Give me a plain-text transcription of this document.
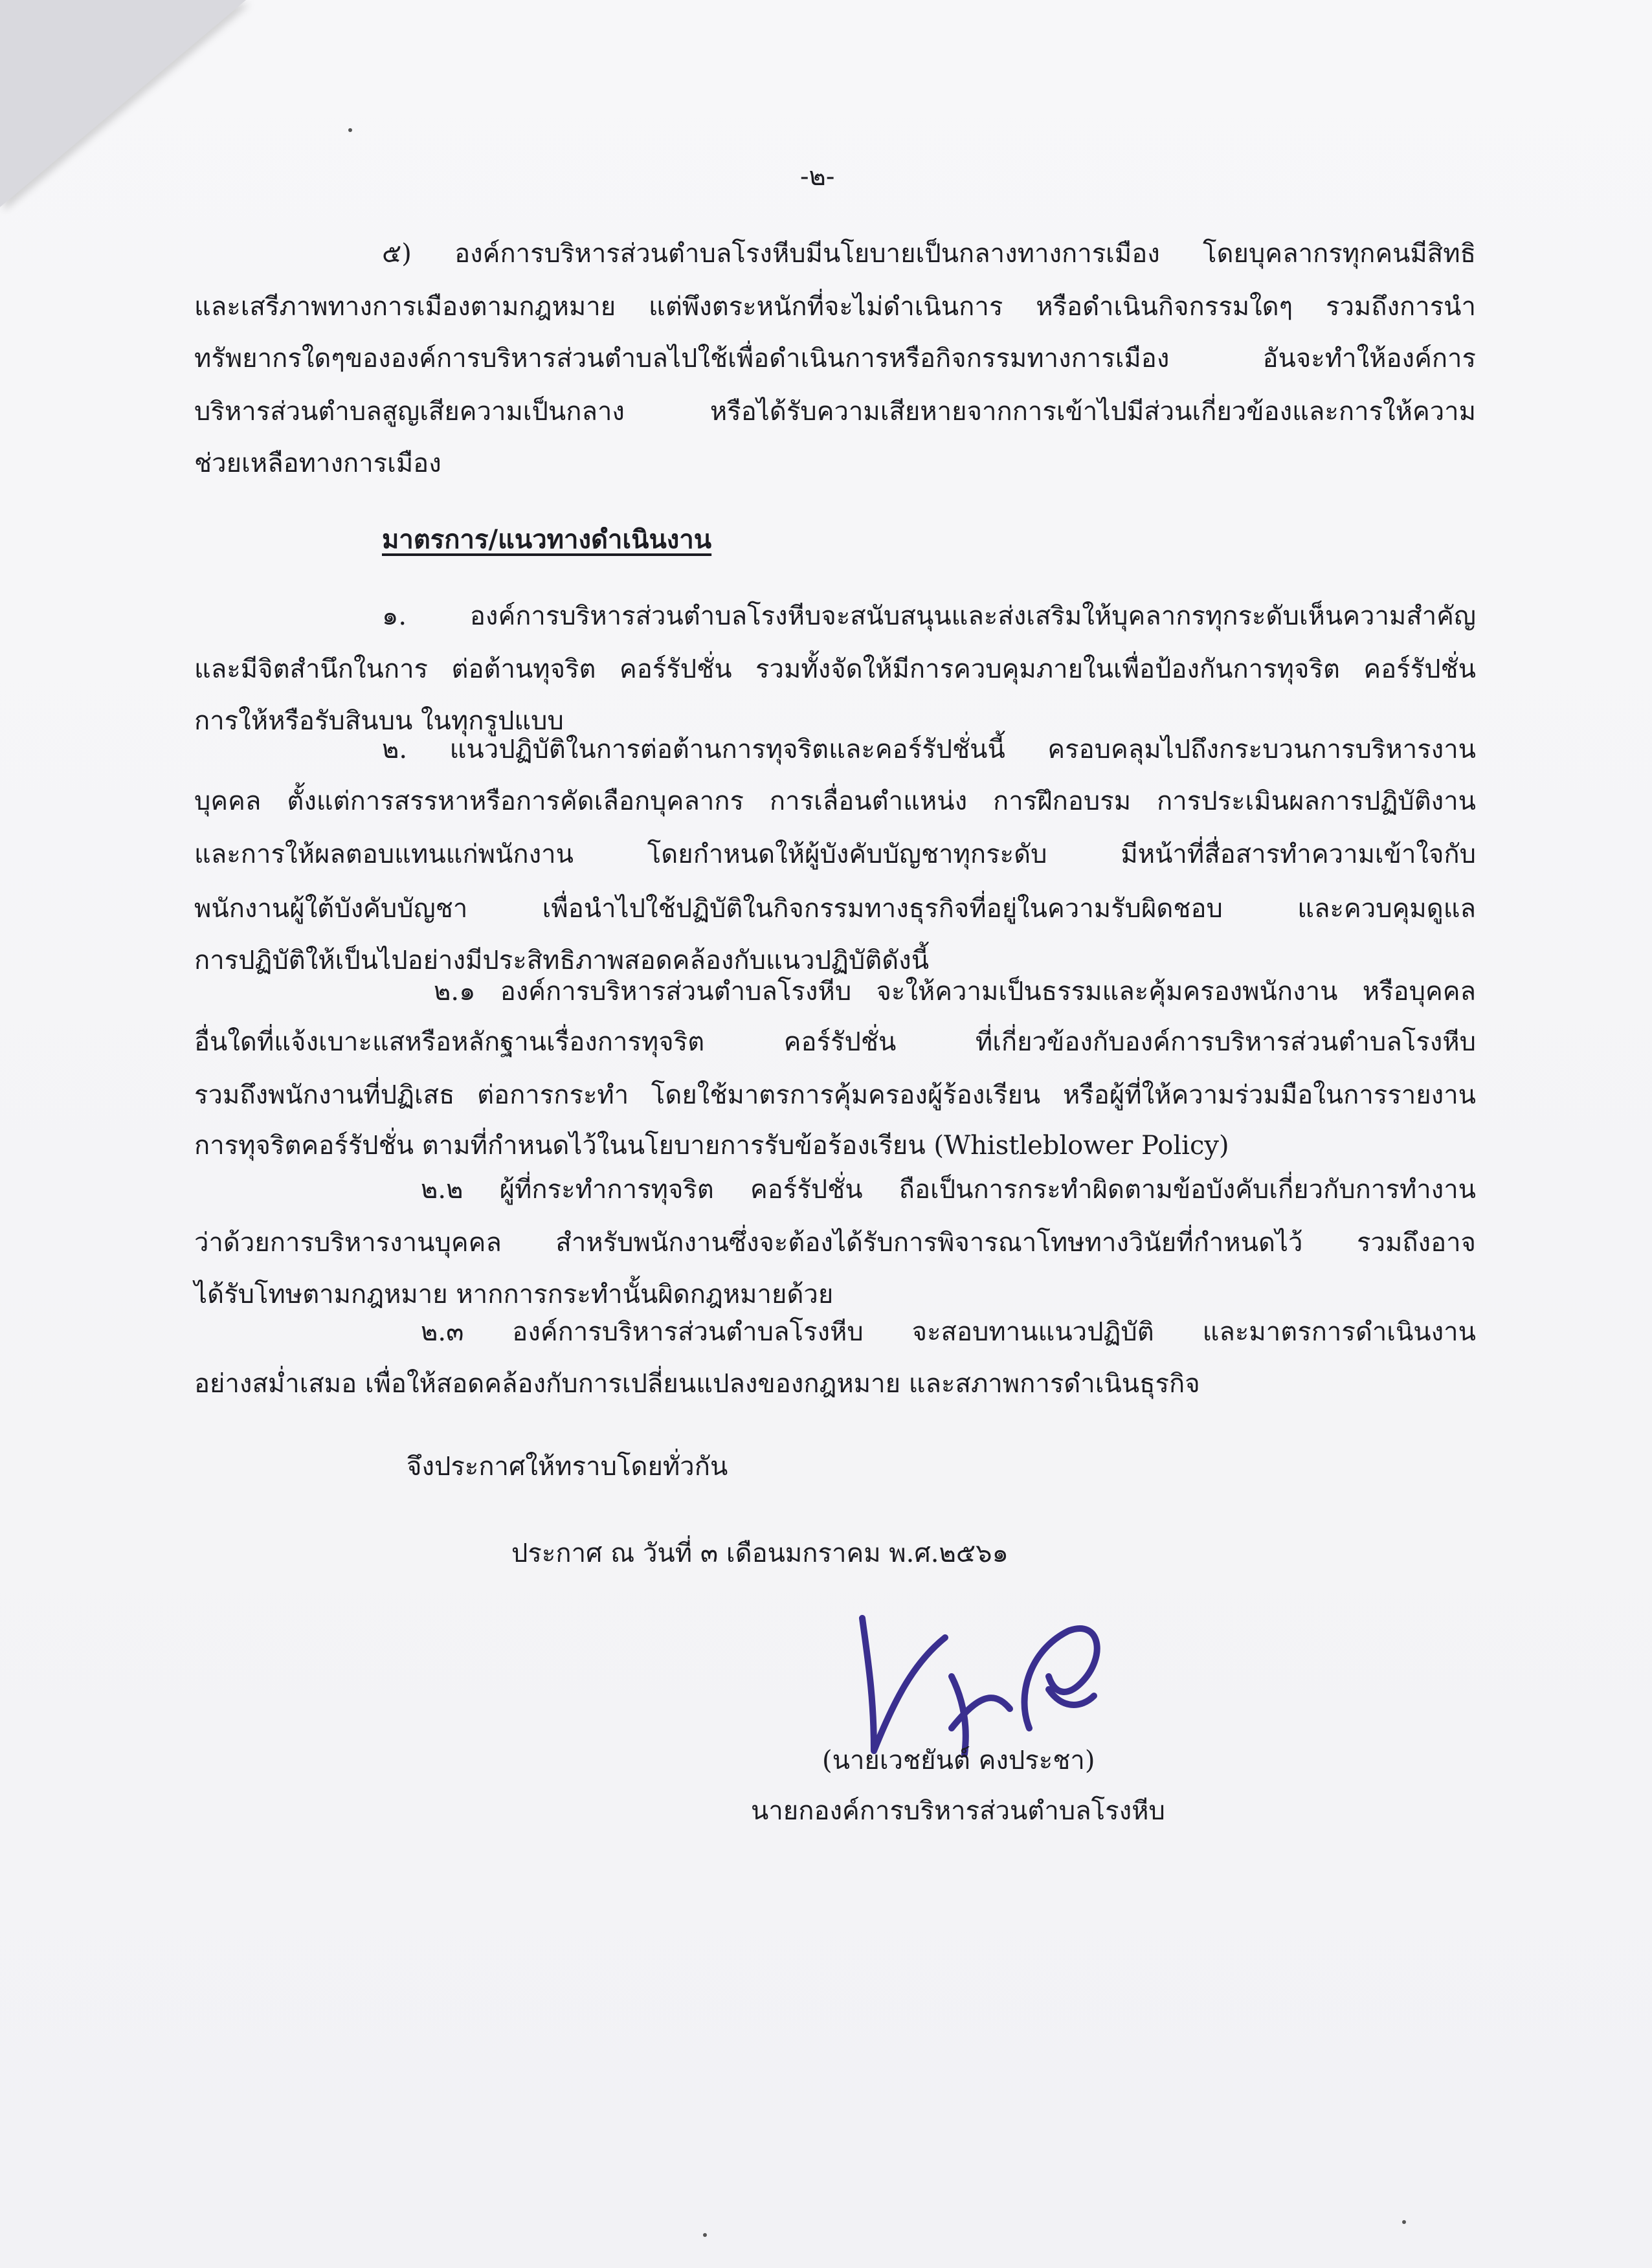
-๒-
๕) องค์การบริหารส่วนตำบลโรงหีบมีนโยบายเป็นกลางทางการเมือง โดยบุคลากรทุกคนมีสิทธิ
และเสรีภาพทางการเมืองตามกฎหมาย แต่พึงตระหนักที่จะไม่ดำเนินการ หรือดำเนินกิจกรรมใดๆ รวมถึงการนำ
ทรัพยากรใดๆขององค์การบริหารส่วนตำบลไปใช้เพื่อดำเนินการหรือกิจกรรมทางการเมือง อันจะทำให้องค์การ
บริหารส่วนตำบลสูญเสียความเป็นกลาง หรือได้รับความเสียหายจากการเข้าไปมีส่วนเกี่ยวข้องและการให้ความ
ช่วยเหลือทางการเมือง
มาตรการ/แนวทางดำเนินงาน
๑. องค์การบริหารส่วนตำบลโรงหีบจะสนับสนุนและส่งเสริมให้บุคลากรทุกระดับเห็นความสำคัญ
และมีจิตสำนึกในการ ต่อต้านทุจริต คอร์รัปชั่น รวมทั้งจัดให้มีการควบคุมภายในเพื่อป้องกันการทุจริต คอร์รัปชั่น
การให้หรือรับสินบน ในทุกรูปแบบ
๒. แนวปฏิบัติในการต่อต้านการทุจริตและคอร์รัปชั่นนี้ ครอบคลุมไปถึงกระบวนการบริหารงาน
บุคคล ตั้งแต่การสรรหาหรือการคัดเลือกบุคลากร การเลื่อนตำแหน่ง การฝึกอบรม การประเมินผลการปฏิบัติงาน
และการให้ผลตอบแทนแก่พนักงาน โดยกำหนดให้ผู้บังคับบัญชาทุกระดับ มีหน้าที่สื่อสารทำความเข้าใจกับ
พนักงานผู้ใต้บังคับบัญชา เพื่อนำไปใช้ปฏิบัติในกิจกรรมทางธุรกิจที่อยู่ในความรับผิดชอบ และควบคุมดูแล
การปฏิบัติให้เป็นไปอย่างมีประสิทธิภาพสอดคล้องกับแนวปฏิบัติดังนี้
๒.๑ องค์การบริหารส่วนตำบลโรงหีบ จะให้ความเป็นธรรมและคุ้มครองพนักงาน หรือบุคคล
อื่นใดที่แจ้งเบาะแสหรือหลักฐานเรื่องการทุจริต คอร์รัปชั่น ที่เกี่ยวข้องกับองค์การบริหารส่วนตำบลโรงหีบ
รวมถึงพนักงานที่ปฏิเสธ ต่อการกระทำ โดยใช้มาตรการคุ้มครองผู้ร้องเรียน หรือผู้ที่ให้ความร่วมมือในการรายงาน
การทุจริตคอร์รัปชั่น ตามที่กำหนดไว้ในนโยบายการรับข้อร้องเรียน (Whistleblower Policy)
๒.๒ ผู้ที่กระทำการทุจริต คอร์รัปชั่น ถือเป็นการกระทำผิดตามข้อบังคับเกี่ยวกับการทำงาน
ว่าด้วยการบริหารงานบุคคล สำหรับพนักงานซึ่งจะต้องได้รับการพิจารณาโทษทางวินัยที่กำหนดไว้ รวมถึงอาจ
ได้รับโทษตามกฎหมาย หากการกระทำนั้นผิดกฎหมายด้วย
๒.๓ องค์การบริหารส่วนตำบลโรงหีบ จะสอบทานแนวปฏิบัติ และมาตรการดำเนินงาน
อย่างสม่ำเสมอ เพื่อให้สอดคล้องกับการเปลี่ยนแปลงของกฎหมาย และสภาพการดำเนินธุรกิจ
จึงประกาศให้ทราบโดยทั่วกัน
ประกาศ ณ วันที่ ๓ เดือนมกราคม พ.ศ.๒๕๖๑
(นายเวชยันต์ คงประชา)
นายกองค์การบริหารส่วนตำบลโรงหีบ
